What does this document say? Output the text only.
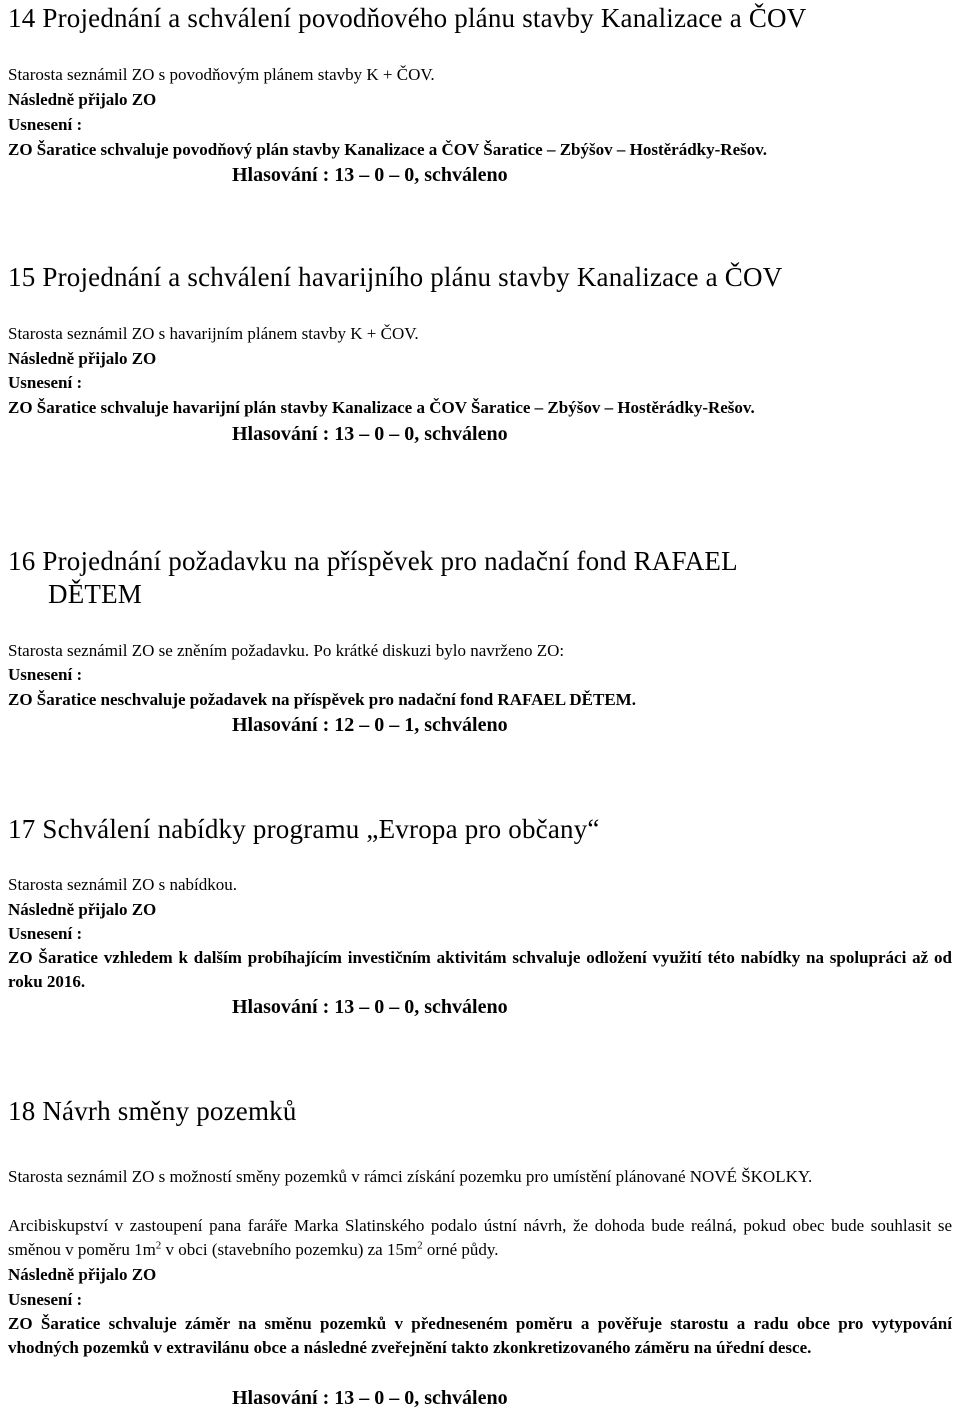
14 Projednání a schválení povodňového plánu stavby Kanalizace a ČOV
Starosta seznámil ZO s povodňovým plánem stavby K + ČOV.
Následně přijalo ZO
Usnesení :
ZO Šaratice schvaluje povodňový plán stavby Kanalizace a ČOV Šaratice – Zbýšov – Hostěrádky-Rešov.
Hlasování : 13 – 0 – 0, schváleno
15 Projednání a schválení havarijního plánu stavby Kanalizace a ČOV
Starosta seznámil ZO s havarijním plánem stavby K + ČOV.
Následně přijalo ZO
Usnesení :
ZO Šaratice schvaluje havarijní plán stavby Kanalizace a ČOV Šaratice – Zbýšov – Hostěrádky-Rešov.
Hlasování : 13 – 0 – 0, schváleno
16 Projednání požadavku na příspěvek pro nadační fond RAFAEL
DĚTEM
Starosta seznámil ZO se zněním požadavku. Po krátké diskuzi bylo navrženo ZO:
Usnesení :
ZO Šaratice neschvaluje požadavek na příspěvek pro nadační fond RAFAEL DĚTEM.
Hlasování : 12 – 0 – 1, schváleno
17 Schválení nabídky programu „Evropa pro občany“
Starosta seznámil ZO s nabídkou.
Následně přijalo ZO
Usnesení :
ZO Šaratice vzhledem k dalším probíhajícím investičním aktivitám schvaluje odložení využití této nabídky na spolupráci až od roku 2016.
Hlasování : 13 – 0 – 0, schváleno
18 Návrh směny pozemků
Starosta seznámil ZO s možností směny pozemků v rámci získání pozemku pro umístění plánované NOVÉ ŠKOLKY.
Arcibiskupství v zastoupení pana faráře Marka Slatinského podalo ústní návrh, že dohoda bude reálná, pokud obec bude souhlasit se směnou v poměru $1m^2$ v obci (stavebního pozemku) za $15m^2$ orné půdy.
Následně přijalo ZO
Usnesení :
ZO Šaratice schvaluje záměr na směnu pozemků v předneseném poměru a pověřuje starostu a radu obce pro vytypování vhodných pozemků v extravilánu obce a následné zveřejnění takto zkonkretizovaného záměru na úřední desce.
Hlasování : 13 – 0 – 0, schváleno
